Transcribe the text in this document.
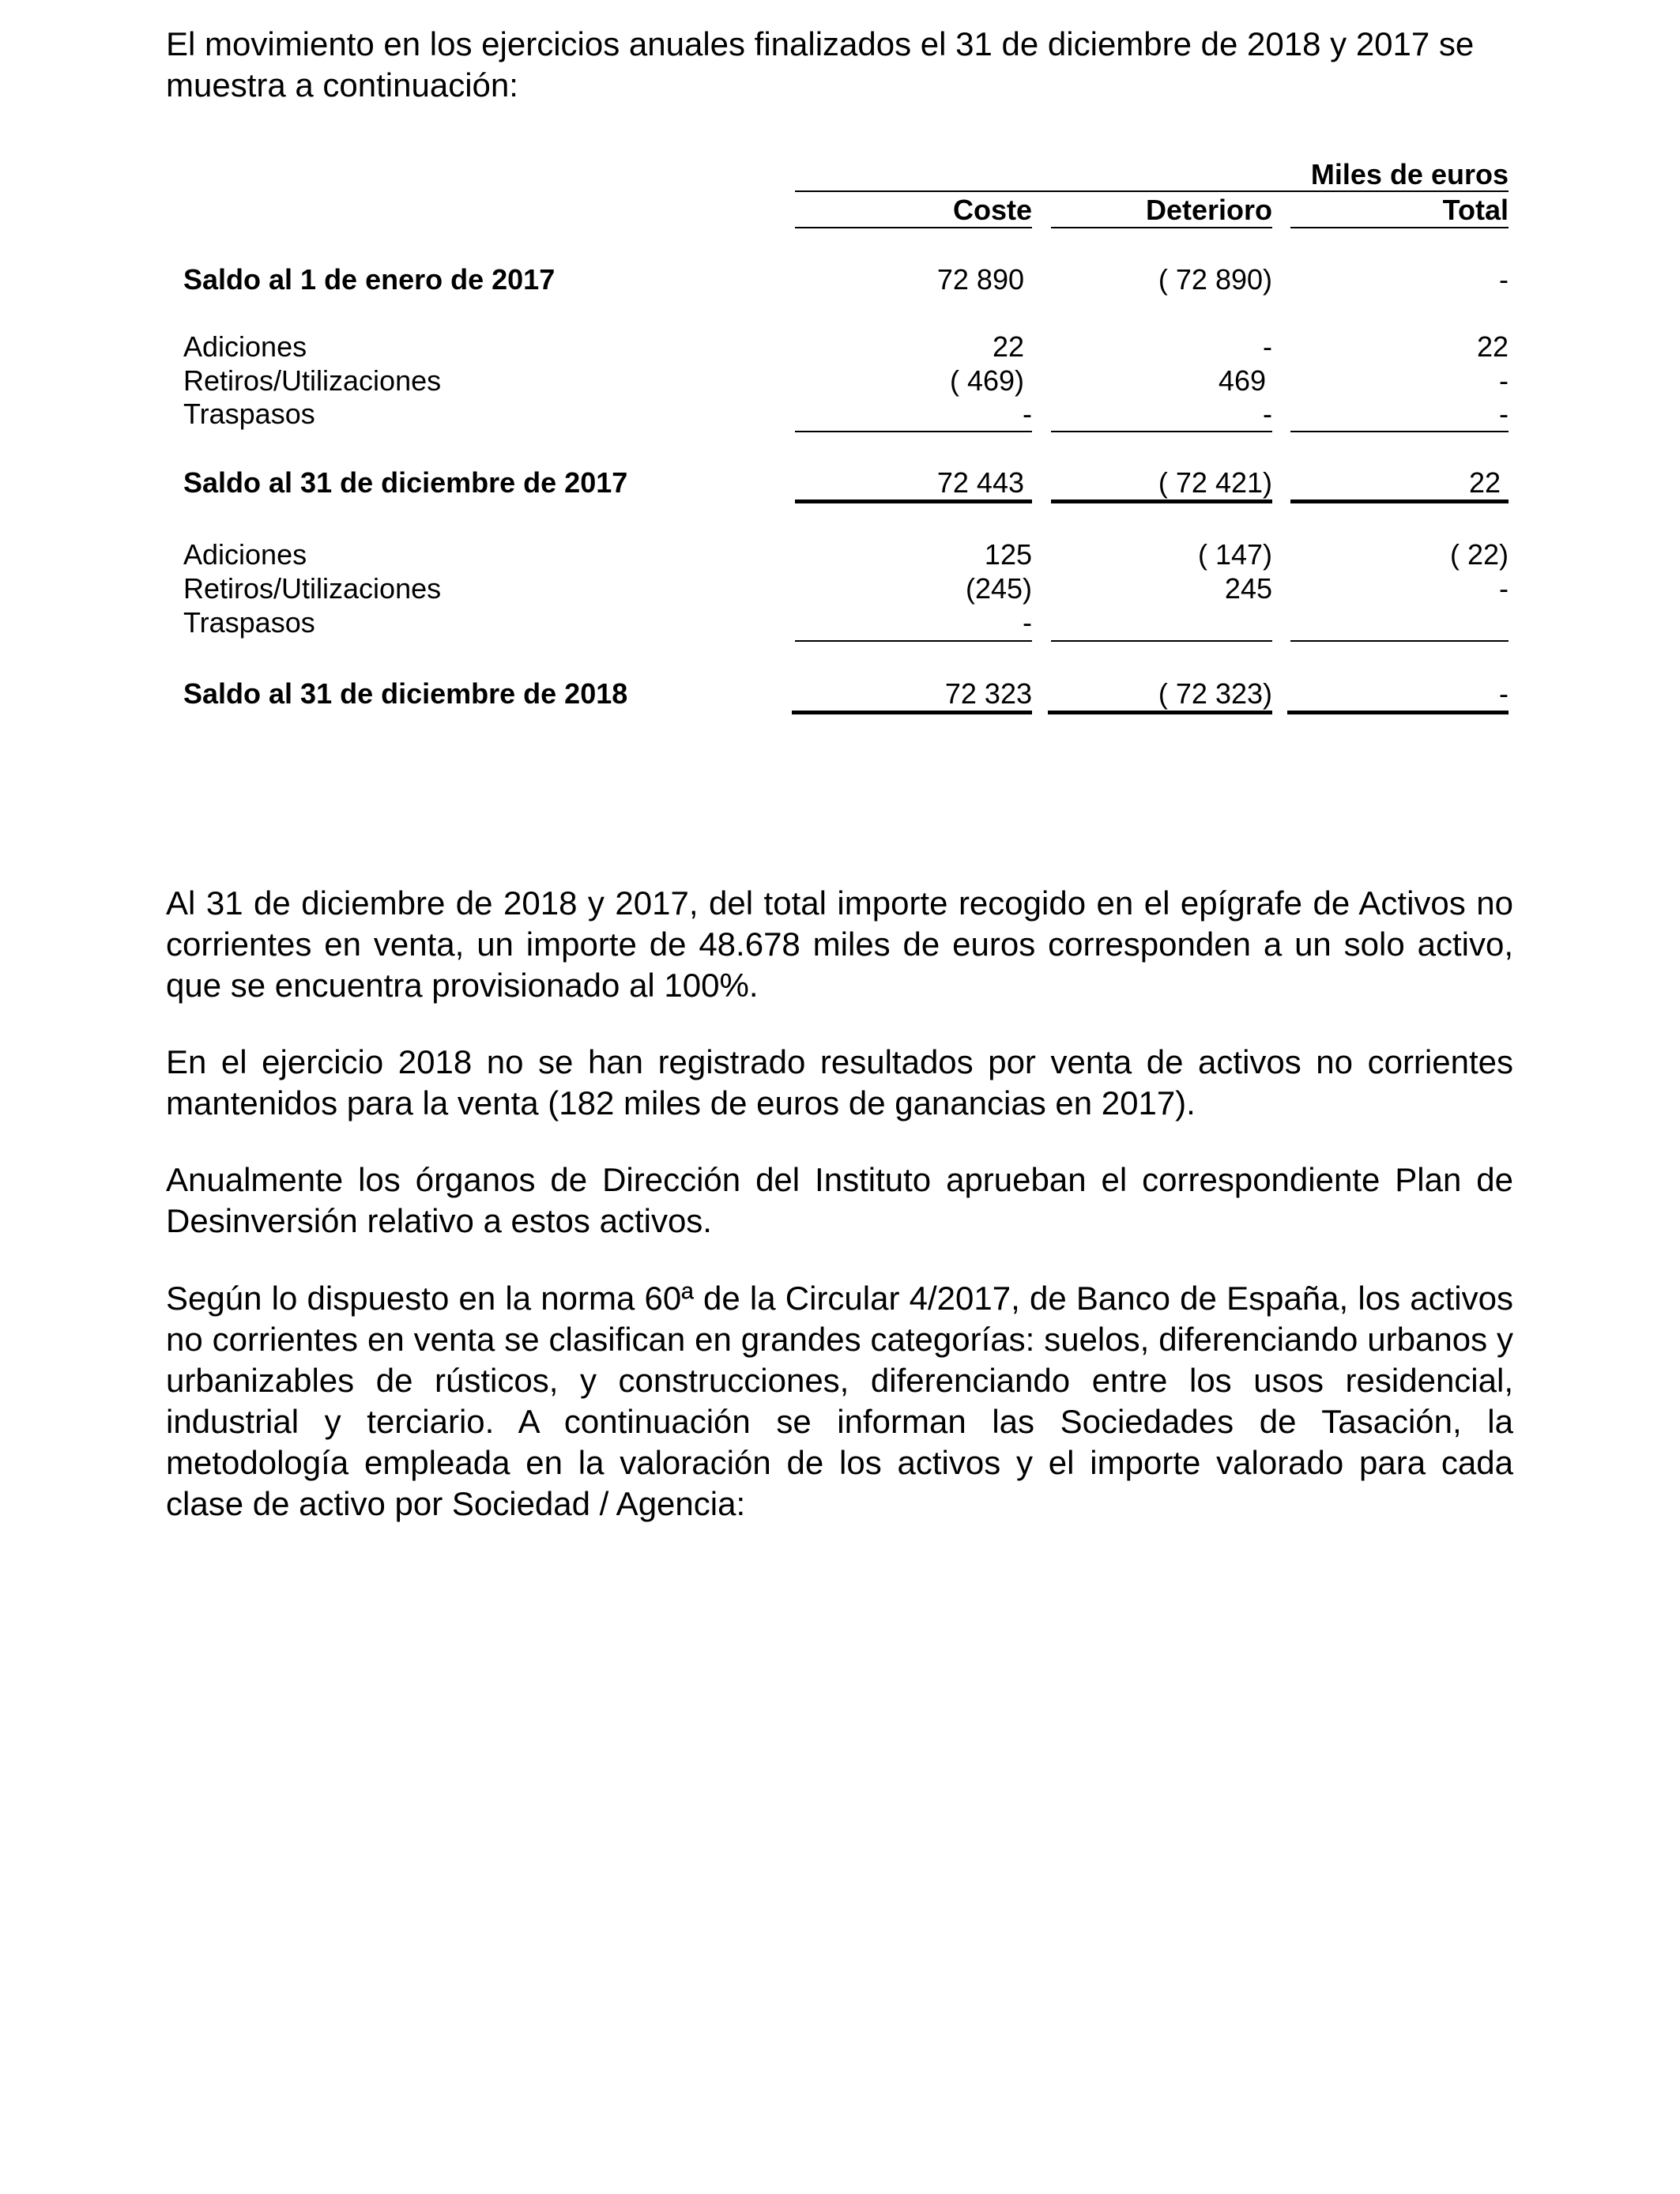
El movimiento en los ejercicios anuales finalizados el 31 de diciembre de 2018 y 2017 se muestra a continuación:

Miles de euros
Coste	Deterioro	Total
Saldo al 1 de enero de 2017	72 890	( 72 890)	-
Adiciones	22	-	22
Retiros/Utilizaciones	( 469)	469	-
Traspasos	-	-	-
Saldo al 31 de diciembre de 2017	72 443	( 72 421)	22
Adiciones	125	( 147)	( 22)
Retiros/Utilizaciones	(245)	245	-
Traspasos	-
Saldo al 31 de diciembre de 2018	72 323	( 72 323)	-

Al 31 de diciembre de 2018 y 2017, del total importe recogido en el epígrafe de Activos no corrientes en venta, un importe de 48.678 miles de euros corresponden a un solo activo, que se encuentra provisionado al 100%.

En el ejercicio 2018 no se han registrado resultados por venta de activos no corrientes mantenidos para la venta (182 miles de euros de ganancias en 2017).

Anualmente los órganos de Dirección del Instituto aprueban el correspondiente Plan de Desinversión relativo a estos activos.

Según lo dispuesto en la norma 60ª de la Circular 4/2017, de Banco de España, los activos no corrientes en venta se clasifican en grandes categorías: suelos, diferenciando urbanos y urbanizables de rústicos, y construcciones, diferenciando entre los usos residencial, industrial y terciario. A continuación se informan las Sociedades de Tasación, la metodología empleada en la valoración de los activos y el importe valorado para cada clase de activo por Sociedad / Agencia:
